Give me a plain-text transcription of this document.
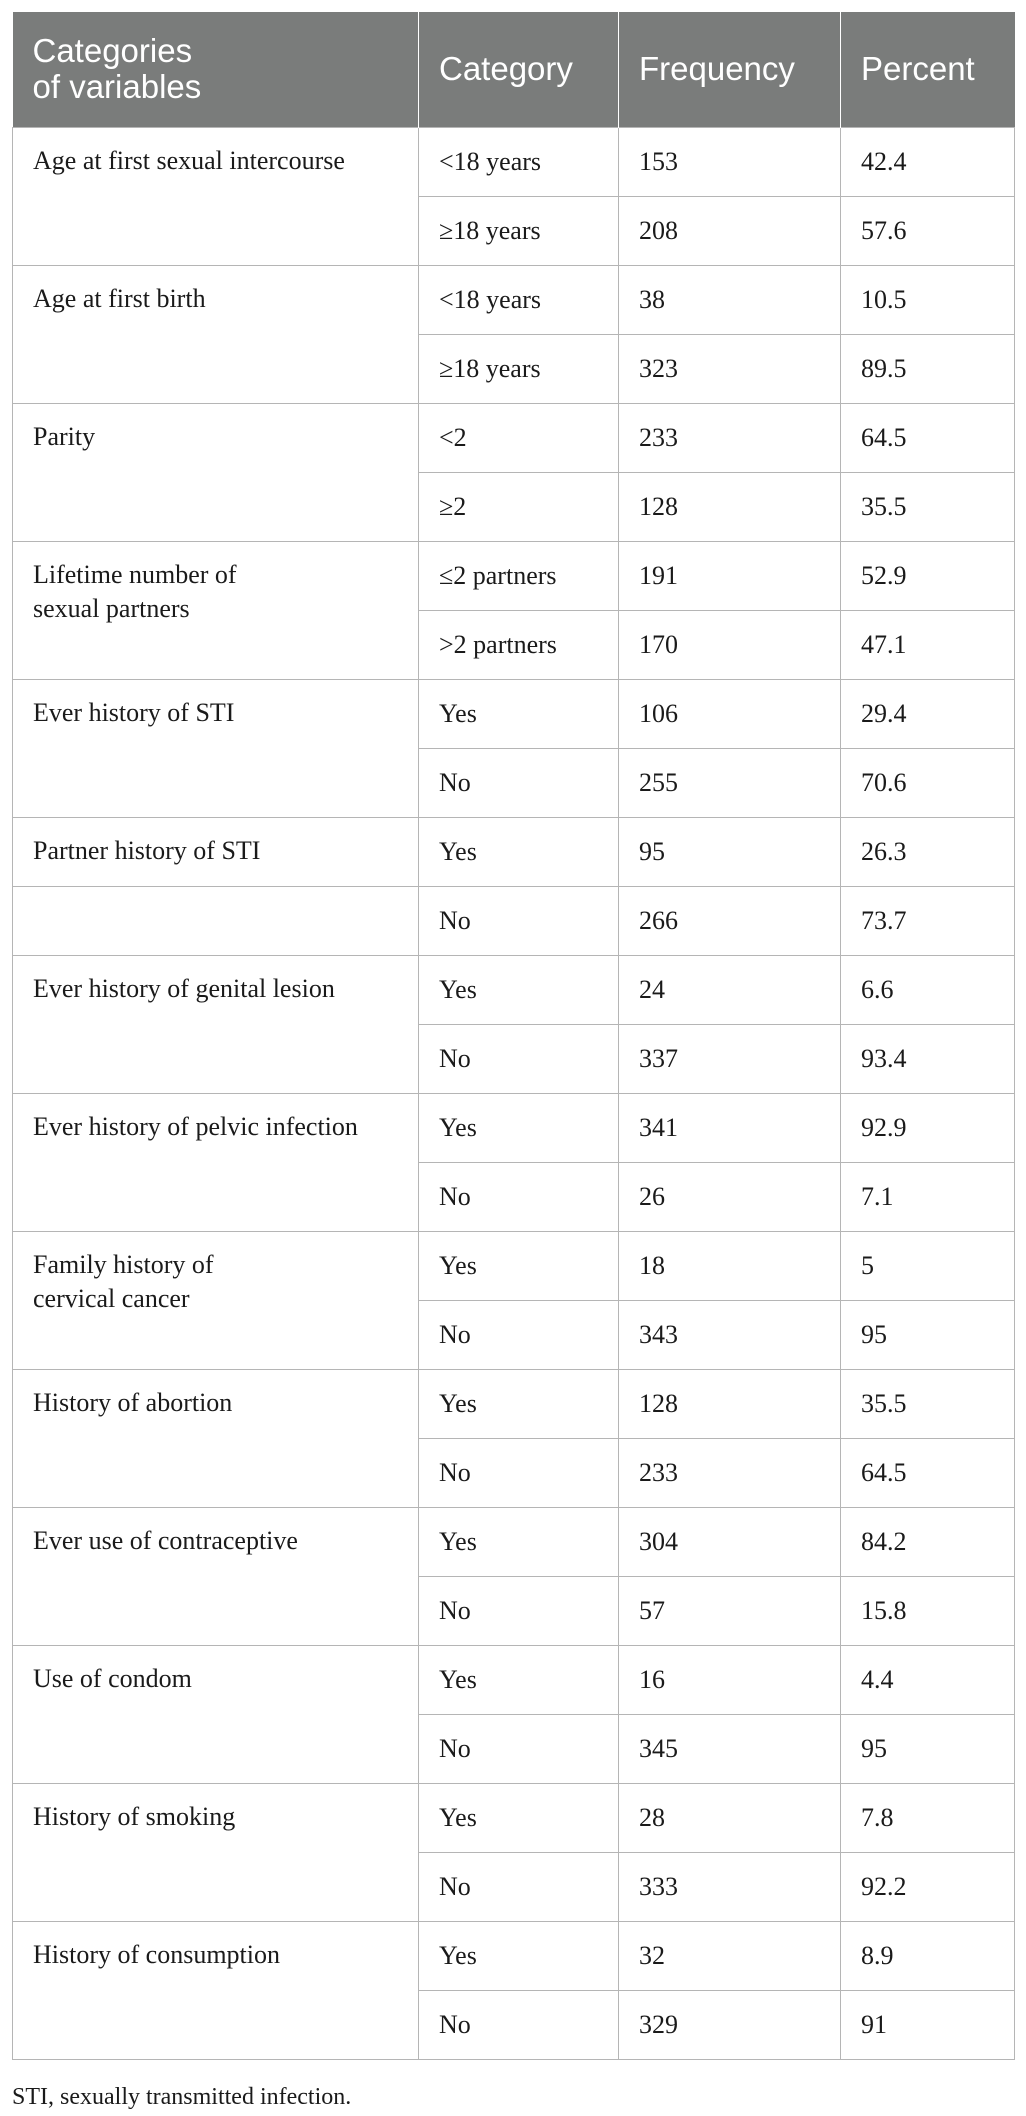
Categories
of variables	Category	Frequency	Percent
Age at first sexual intercourse	<18 years	153	42.4
	≥18 years	208	57.6
Age at first birth	<18 years	38	10.5
	≥18 years	323	89.5
Parity	<2	233	64.5
	≥2	128	35.5
Lifetime number of
sexual partners	≤2 partners	191	52.9
	>2 partners	170	47.1
Ever history of STI	Yes	106	29.4
	No	255	70.6
Partner history of STI	Yes	95	26.3
	No	266	73.7
Ever history of genital lesion	Yes	24	6.6
	No	337	93.4
Ever history of pelvic infection	Yes	341	92.9
	No	26	7.1
Family history of
cervical cancer	Yes	18	5
	No	343	95
History of abortion	Yes	128	35.5
	No	233	64.5
Ever use of contraceptive	Yes	304	84.2
	No	57	15.8
Use of condom	Yes	16	4.4
	No	345	95
History of smoking	Yes	28	7.8
	No	333	92.2
History of consumption	Yes	32	8.9
	No	329	91

STI, sexually transmitted infection.
